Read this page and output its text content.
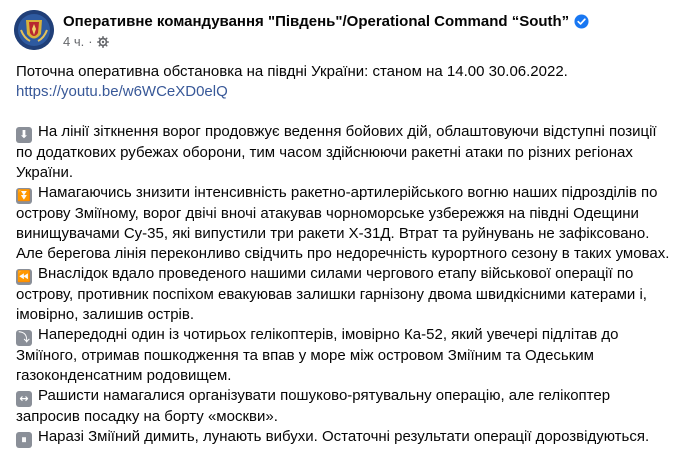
Оперативне командування "Південь"/Operational Command “South”
4 ч. ·

Поточна оперативна обстановка на півдні України: станом на 14.00 30.06.2022.
https://youtu.be/w6WCeXD0elQ

⬇ На лінії зіткнення ворог продовжує ведення бойових дій, облаштовуючи відступні позиції по додаткових рубежах оборони, тим часом здійснюючи ракетні атаки по різних регіонах України.

⏬ Намагаючись знизити інтенсивність ракетно-артилерійського вогню наших підрозділів по острову Зміїному, ворог двічі вночі атакував чорноморське узбережжя на півдні Одещини винищувачами Су-35, які випустили три ракети Х-31Д. Втрат та руйнувань не зафіксовано. Але берегова лінія переконливо свідчить про недоречність курортного сезону в таких умовах.

⏪ Внаслідок вдало проведеного нашими силами чергового етапу військової операції по острову, противник поспіхом евакуював залишки гарнізону двома швидкісними катерами і, імовірно, залишив острів.

⤵ Напередодні один із чотирьох гелікоптерів, імовірно Ка-52, який увечері підлітав до Зміїного, отримав пошкодження та впав у море між островом Зміїним та Одеським газоконденсатним родовищем.

↔ Рашисти намагалися організувати пошуково-рятувальну операцію, але гелікоптер запросив посадку на борту «москви».

⏸ Наразі Зміїний димить, лунають вибухи. Остаточні результати операції дорозвідуються.
